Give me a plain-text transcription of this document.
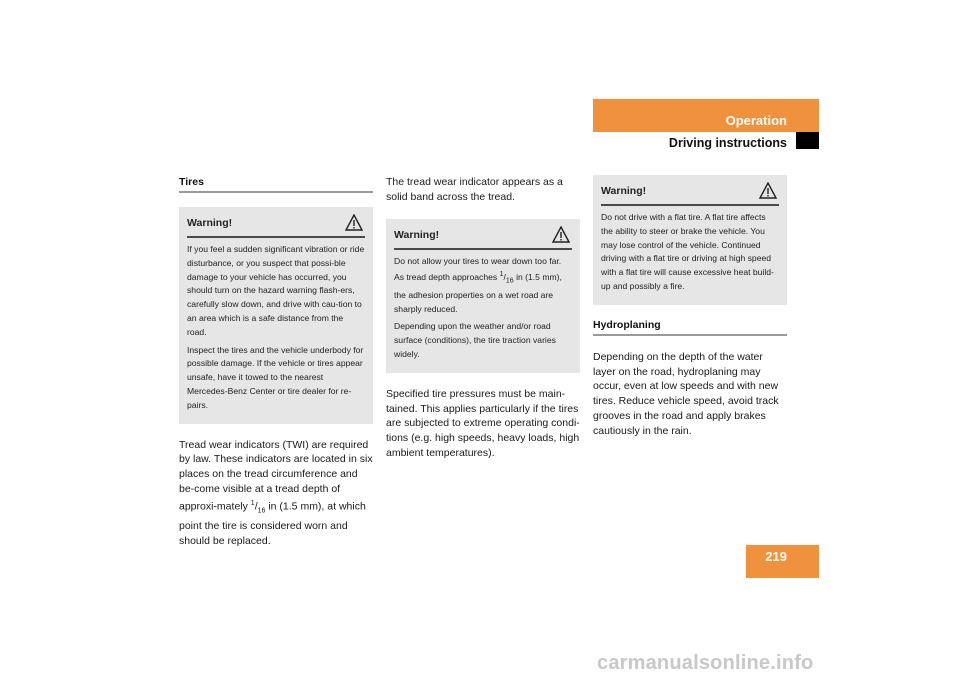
Operation
Driving instructions
Tires
Warning!

If you feel a sudden significant vibration or ride disturbance, or you suspect that possi-ble damage to your vehicle has occurred, you should turn on the hazard warning flash-ers, carefully slow down, and drive with cau-tion to an area which is a safe distance from the road.

Inspect the tires and the vehicle underbody for possible damage. If the vehicle or tires appear unsafe, have it towed to the nearest Mercedes-Benz Center or tire dealer for re-pairs.

Tread wear indicators (TWI) are required by law. These indicators are located in six places on the tread circumference and be-come visible at a tread depth of approxi-mately $^1/_{16}$ in (1.5 mm), at which point the tire is considered worn and should be replaced.

The tread wear indicator appears as a solid band across the tread.

Warning!

Do not allow your tires to wear down too far. As tread depth approaches $^1/_{16}$ in (1.5 mm), the adhesion properties on a wet road are sharply reduced.

Depending upon the weather and/or road surface (conditions), the tire traction varies widely.

Specified tire pressures must be main-tained. This applies particularly if the tires are subjected to extreme operating condi-tions (e.g. high speeds, heavy loads, high ambient temperatures).

Warning!

Do not drive with a flat tire. A flat tire affects the ability to steer or brake the vehicle. You may lose control of the vehicle. Continued driving with a flat tire or driving at high speed with a flat tire will cause excessive heat build-up and possibly a fire.

Hydroplaning

Depending on the depth of the water layer on the road, hydroplaning may occur, even at low speeds and with new tires. Reduce vehicle speed, avoid track grooves in the road and apply brakes cautiously in the rain.

219
carmanualsonline.info
